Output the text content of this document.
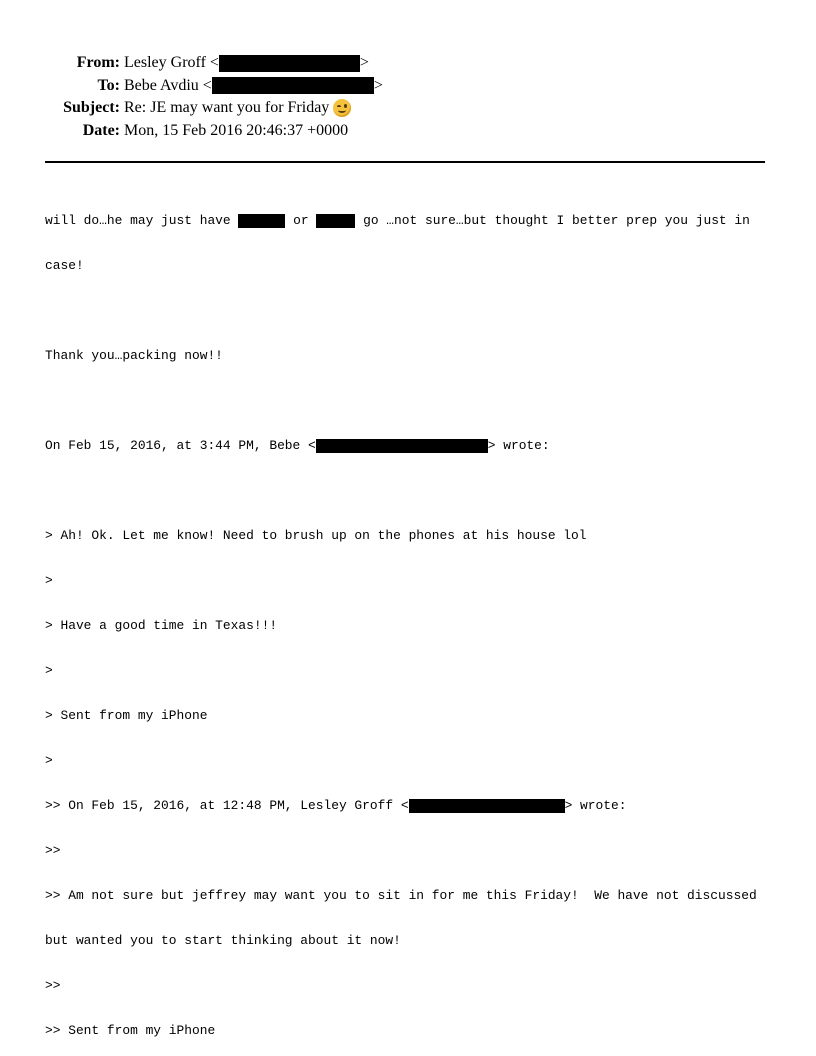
From: Lesley Groff <	>
To: Bebe Avdiu <	>
Subject: Re: JE may want you for Friday
Date: Mon, 15 Feb 2016 20:46:37 +0000

will do…he may just have	or	go …not sure…but thought I better prep you just in

case!

Thank you…packing now!!

On Feb 15, 2016, at 3:44 PM, Bebe <	> wrote:

> Ah! Ok. Let me know! Need to brush up on the phones at his house lol

>

> Have a good time in Texas!!!

>

> Sent from my iPhone

>

>> On Feb 15, 2016, at 12:48 PM, Lesley Groff <	> wrote:

>>

>> Am not sure but jeffrey may want you to sit in for me this Friday!  We have not discussed

but wanted you to start thinking about it now!

>>

>> Sent from my iPhone
